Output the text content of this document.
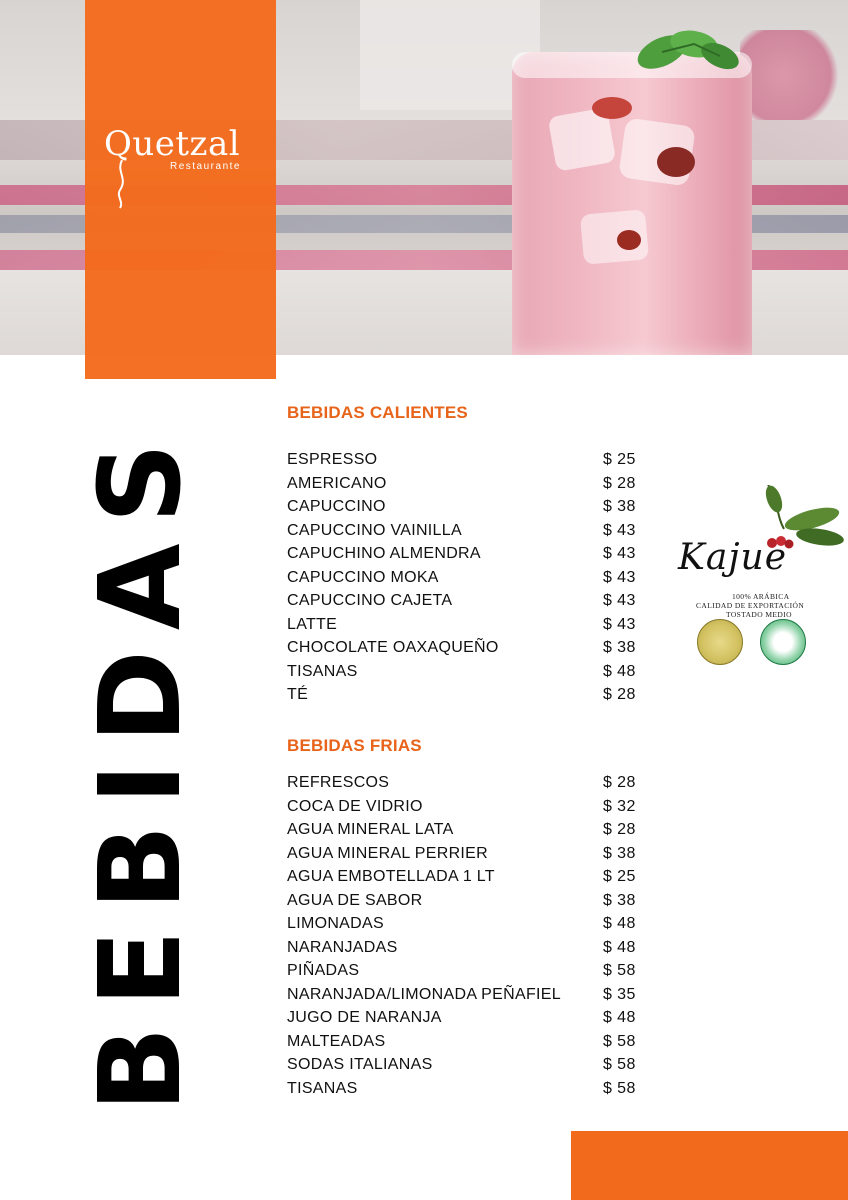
Quetzal
Restaurante
BEBIDAS
BEBIDAS CALIENTES
ESPRESSO	$ 25
AMERICANO	$ 28
CAPUCCINO	$ 38
CAPUCCINO VAINILLA	$ 43
CAPUCHINO ALMENDRA	$ 43
CAPUCCINO MOKA	$ 43
CAPUCCINO CAJETA	$ 43
LATTE	$ 43
CHOCOLATE OAXAQUEÑO	$ 38
TISANAS	$ 48
TÉ	$ 28
BEBIDAS FRIAS
REFRESCOS	$ 28
COCA DE VIDRIO	$ 32
AGUA MINERAL LATA	$ 28
AGUA MINERAL PERRIER	$ 38
AGUA EMBOTELLADA 1 LT	$ 25
AGUA DE SABOR	$ 38
LIMONADAS	$ 48
NARANJADAS	$ 48
PIÑADAS	$ 58
NARANJADA/LIMONADA PEÑAFIEL	$ 35
JUGO DE NARANJA	$ 48
MALTEADAS	$ 58
SODAS ITALIANAS	$ 58
TISANAS	$ 58
Kajue
100% ARÁBICA
CALIDAD DE EXPORTACIÓN
TOSTADO MEDIO
